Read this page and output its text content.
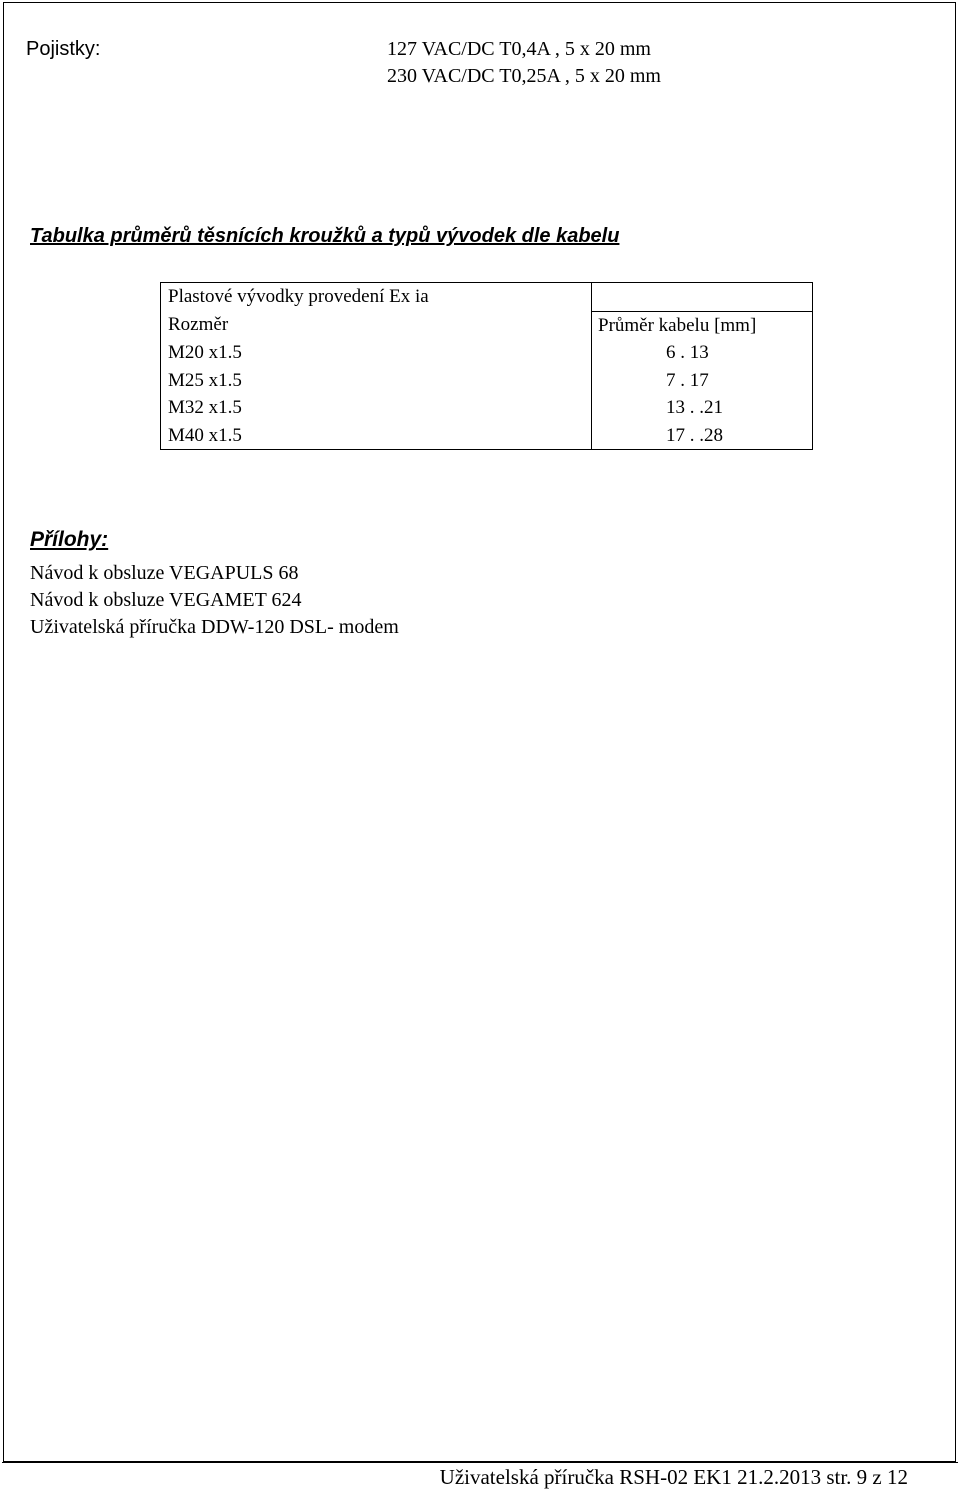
Pojistky:	127 VAC/DC T0,4A , 5 x 20 mm
230 VAC/DC T0,25A , 5 x 20 mm
Tabulka průměrů těsnících kroužků a typů vývodek dle kabelu
Plastové vývodky provedení Ex ia	
Rozměr	Průměr kabelu [mm]
M20 x1.5	6 . 13
M25 x1.5	7 . 17
M32 x1.5	13 . .21
M40 x1.5	17 . .28
Přílohy:
Návod k obsluze VEGAPULS 68
Návod k obsluze VEGAMET 624
Uživatelská příručka DDW-120 DSL- modem
Uživatelská příručka RSH-02 EK1 21.2.2013 str. 9 z 12
